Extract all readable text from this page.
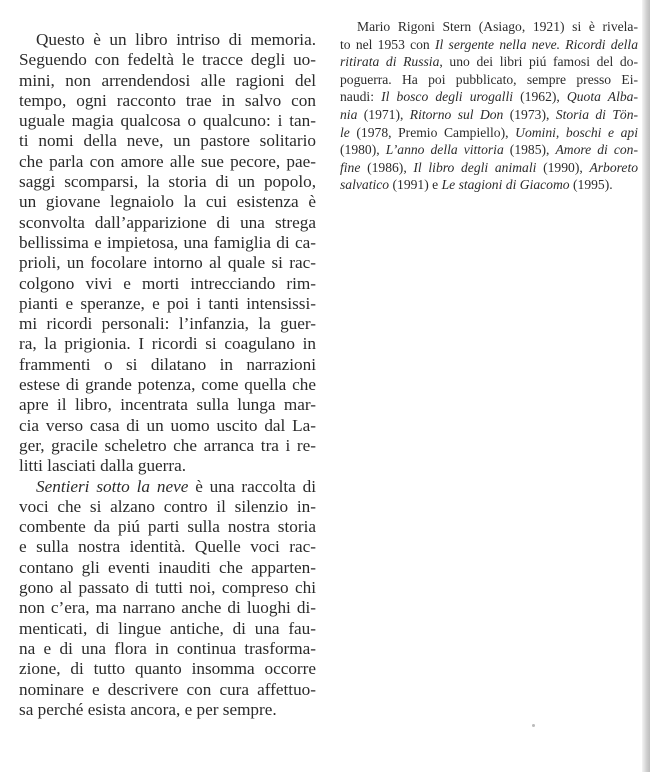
Questo è un libro intriso di memoria.
Seguendo con fedeltà le tracce degli uo-
mini, non arrendendosi alle ragioni del
tempo, ogni racconto trae in salvo con
uguale magia qualcosa o qualcuno: i tan-
ti nomi della neve, un pastore solitario
che parla con amore alle sue pecore, pae-
saggi scomparsi, la storia di un popolo,
un giovane legnaiolo la cui esistenza è
sconvolta dall’apparizione di una strega
bellissima e impietosa, una famiglia di ca-
prioli, un focolare intorno al quale si rac-
colgono vivi e morti intrecciando rim-
pianti e speranze, e poi i tanti intensissi-
mi ricordi personali: l’infanzia, la guer-
ra, la prigionia. I ricordi si coagulano in
frammenti o si dilatano in narrazioni
estese di grande potenza, come quella che
apre il libro, incentrata sulla lunga mar-
cia verso casa di un uomo uscito dal La-
ger, gracile scheletro che arranca tra i re-
litti lasciati dalla guerra.
Sentieri sotto la neve è una raccolta di
voci che si alzano contro il silenzio in-
combente da piú parti sulla nostra storia
e sulla nostra identità. Quelle voci rac-
contano gli eventi inauditi che apparten-
gono al passato di tutti noi, compreso chi
non c’era, ma narrano anche di luoghi di-
menticati, di lingue antiche, di una fau-
na e di una flora in continua trasforma-
zione, di tutto quanto insomma occorre
nominare e descrivere con cura affettuo-
sa perché esista ancora, e per sempre.
Mario Rigoni Stern (Asiago, 1921) si è rivela-
to nel 1953 con Il sergente nella neve. Ricordi della
ritirata di Russia, uno dei libri piú famosi del do-
poguerra. Ha poi pubblicato, sempre presso Ei-
naudi: Il bosco degli urogalli (1962), Quota Alba-
nia (1971), Ritorno sul Don (1973), Storia di Tön-
le (1978, Premio Campiello), Uomini, boschi e api
(1980), L’anno della vittoria (1985), Amore di con-
fine (1986), Il libro degli animali (1990), Arboreto
salvatico (1991) e Le stagioni di Giacomo (1995).
